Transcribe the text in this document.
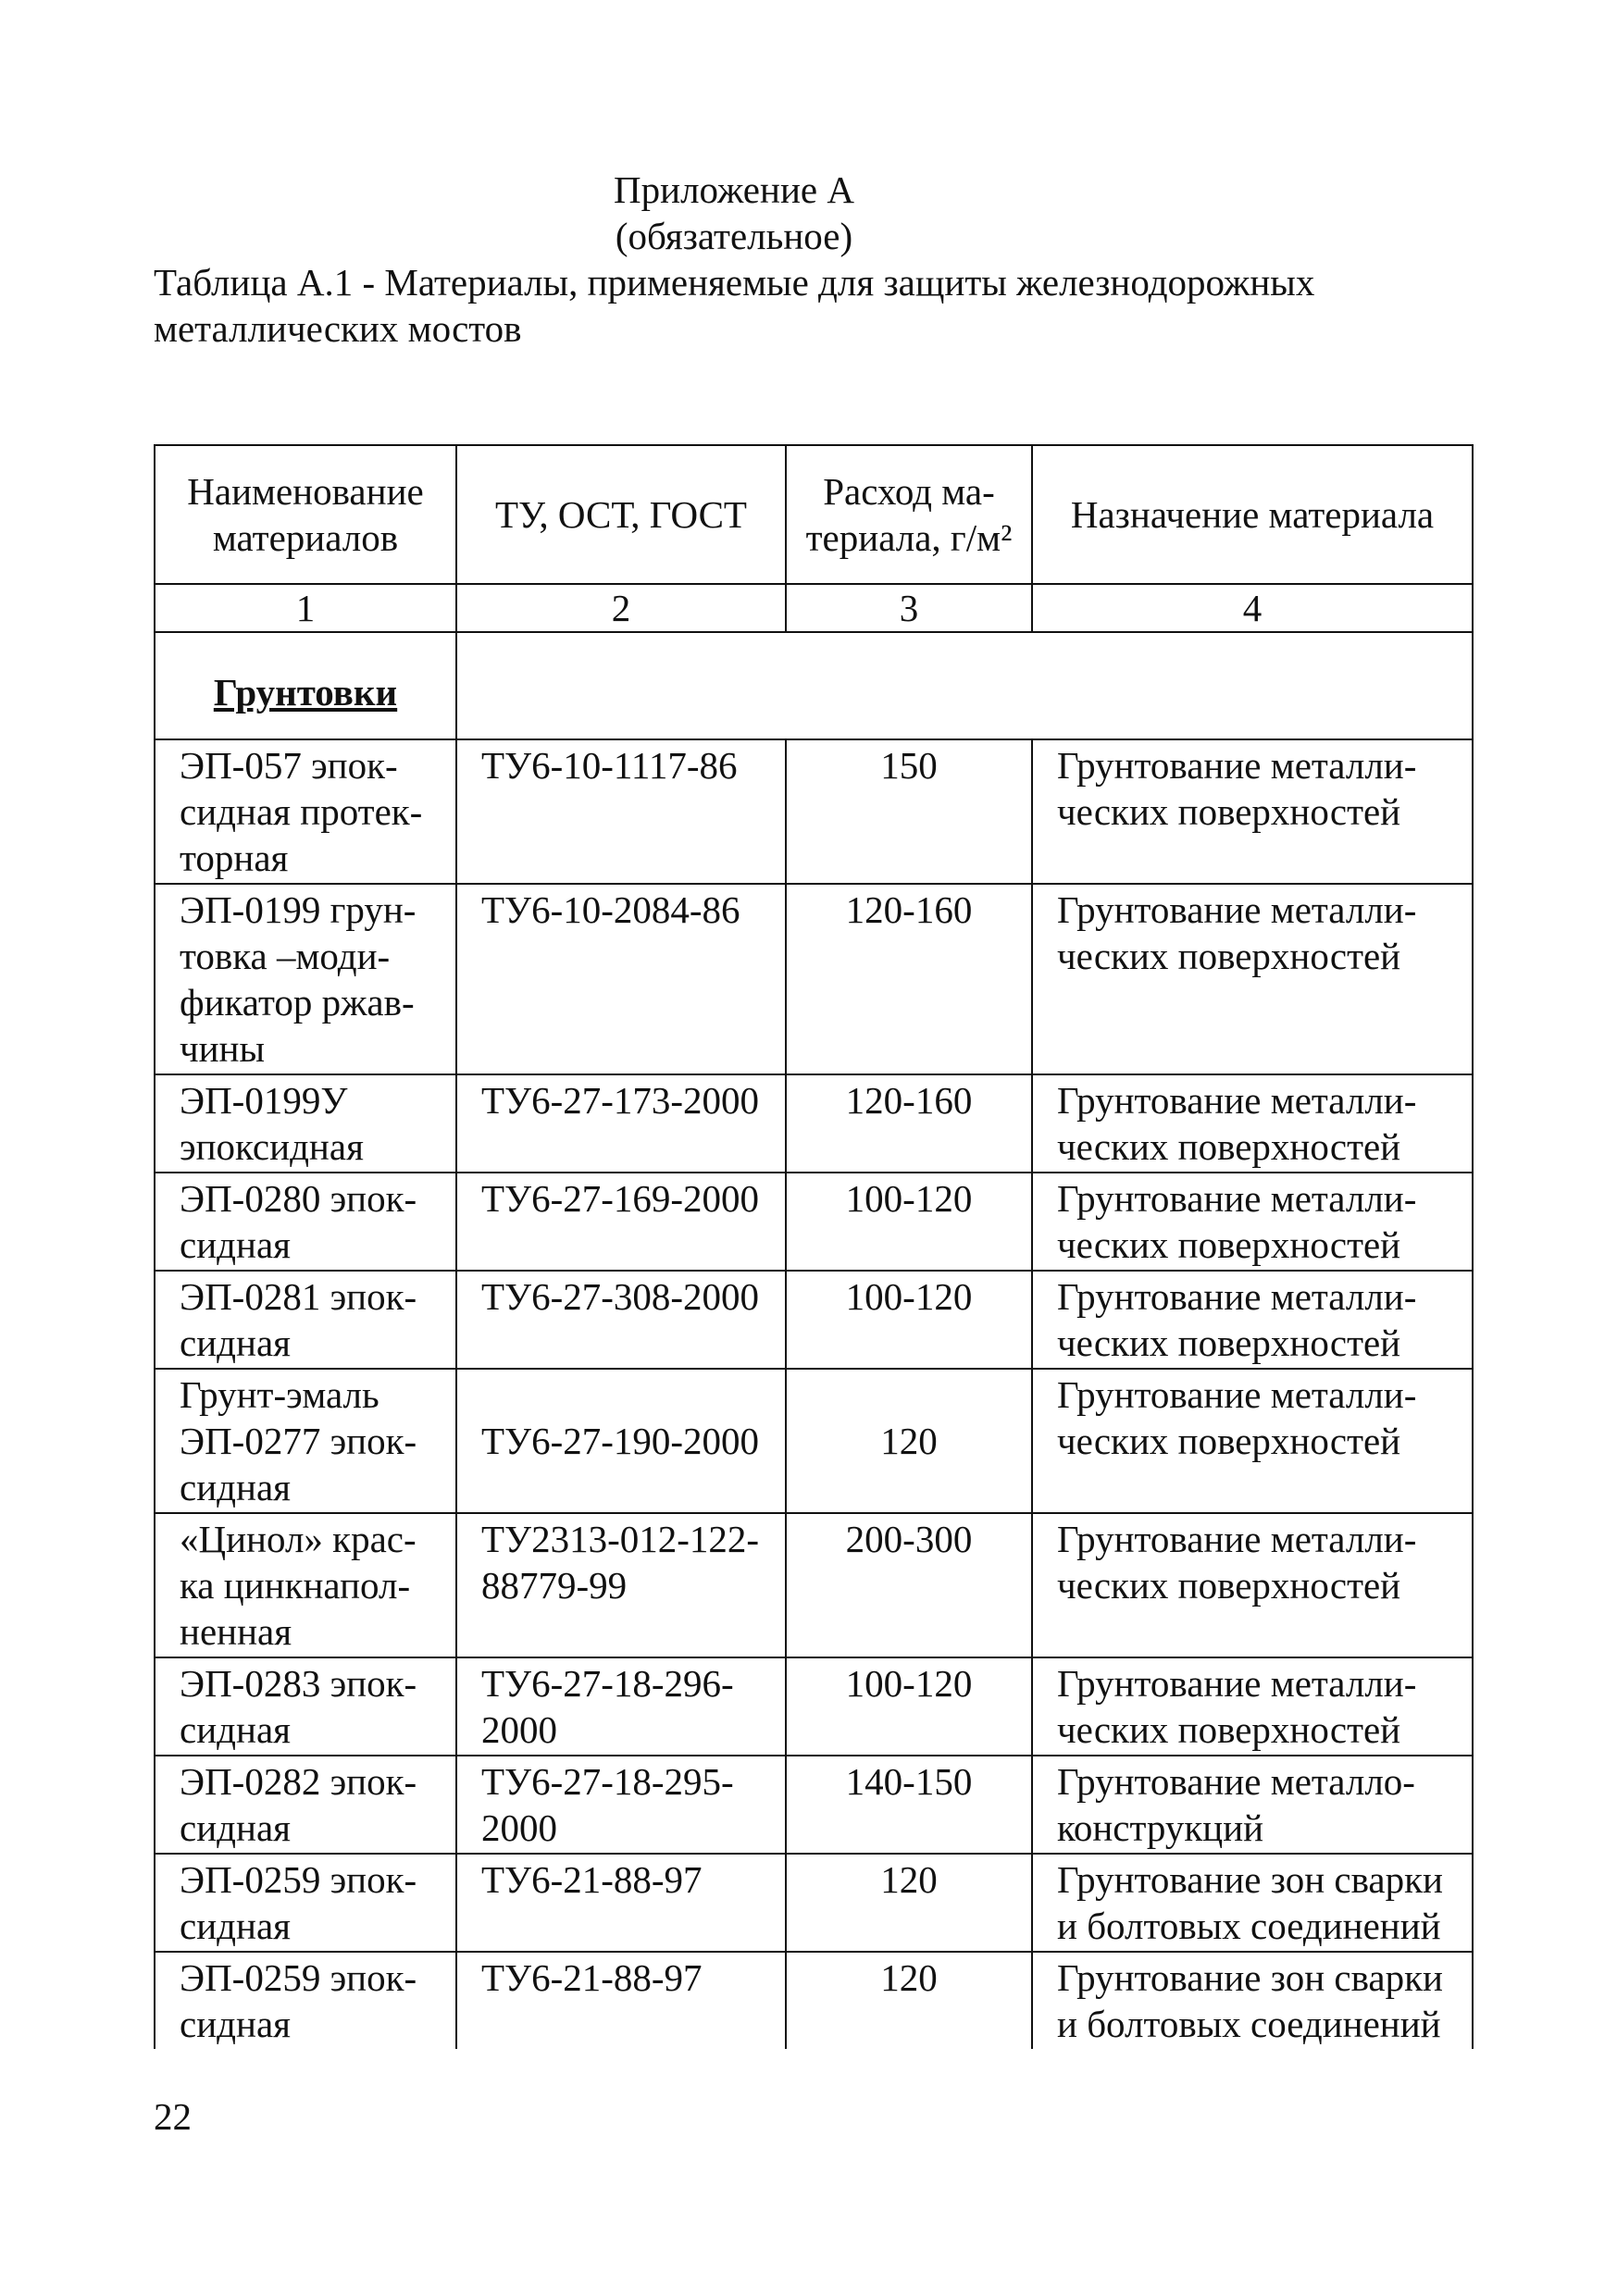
Приложение А
(обязательное)

Таблица А.1 - Материалы, применяемые для защиты железнодорожных металлических мостов

Наименование материалов	ТУ, ОСТ, ГОСТ	Расход ма-териала, г/м²	Назначение материала
1	2	3	4
Грунтовки			
ЭП-057 эпок-сидная протек-торная	ТУ6-10-1117-86	150	Грунтование металли-ческих поверхностей
ЭП-0199 грун-товка –моди-фикатор ржав-чины	ТУ6-10-2084-86	120-160	Грунтование металли-ческих поверхностей
ЭП-0199У эпоксидная	ТУ6-27-173-2000	120-160	Грунтование металли-ческих поверхностей
ЭП-0280 эпок-сидная	ТУ6-27-169-2000	100-120	Грунтование металли-ческих поверхностей
ЭП-0281 эпок-сидная	ТУ6-27-308-2000	100-120	Грунтование металли-ческих поверхностей
Грунт-эмаль ЭП-0277 эпок-сидная	ТУ6-27-190-2000	120	Грунтование металли-ческих поверхностей
«Цинол» крас-ка цинкнапол-ненная	ТУ2313-012-122-88779-99	200-300	Грунтование металли-ческих поверхностей
ЭП-0283 эпок-сидная	ТУ6-27-18-296-2000	100-120	Грунтование металли-ческих поверхностей
ЭП-0282 эпок-сидная	ТУ6-27-18-295-2000	140-150	Грунтование металло-конструкций
ЭП-0259 эпок-сидная	ТУ6-21-88-97	120	Грунтование зон сварки и болтовых соединений
ЭП-0259 эпок-сидная	ТУ6-21-88-97	120	Грунтование зон сварки и болтовых соединений
22
